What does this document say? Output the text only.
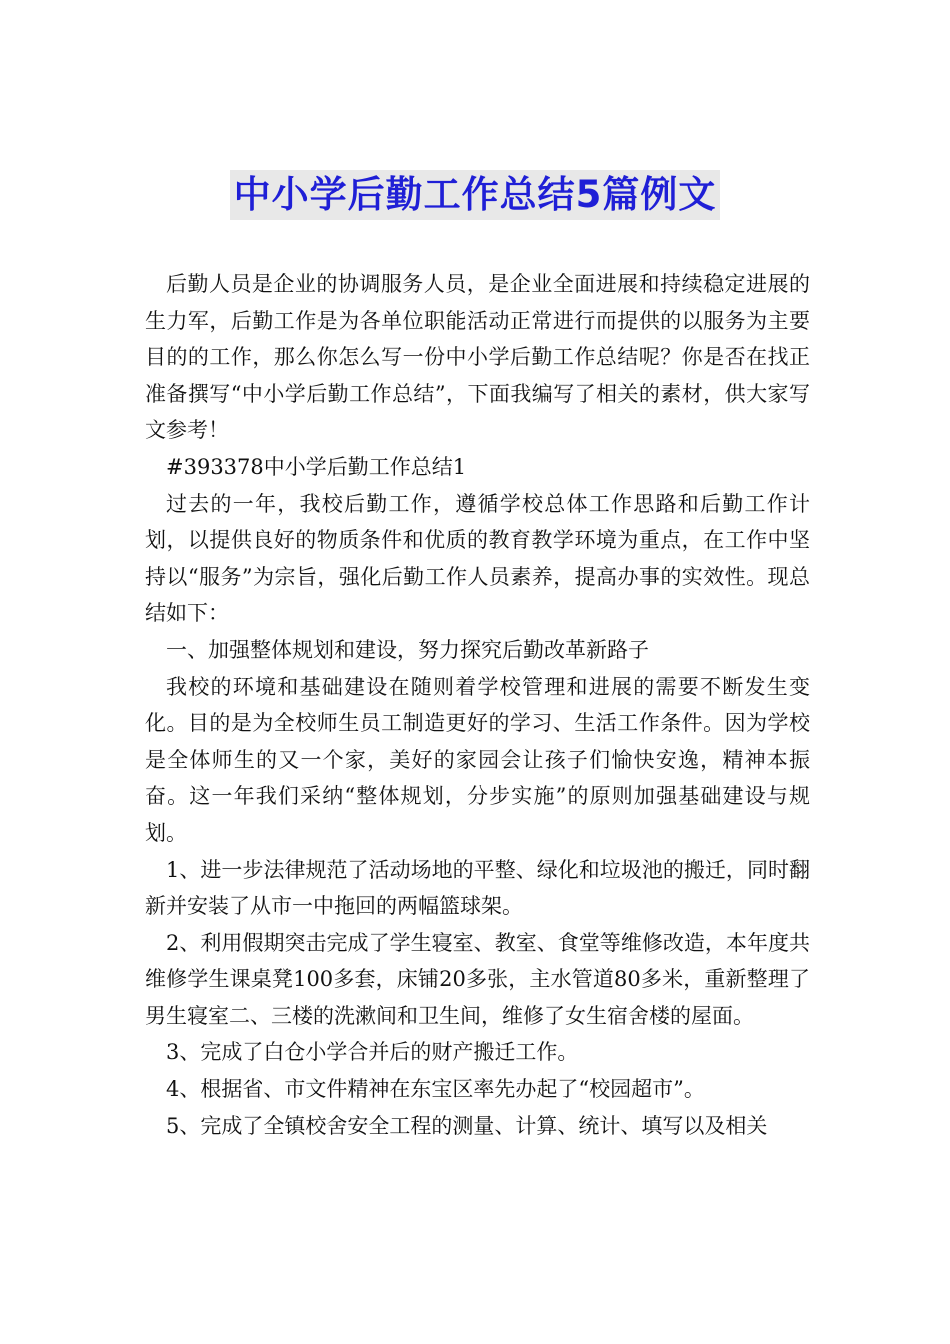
中小学后勤工作总结5篇例文

后勤人员是企业的协调服务人员，是企业全面进展和持续稳定进展的生力军，后勤工作是为各单位职能活动正常进行而提供的以服务为主要目的的工作，那么你怎么写一份中小学后勤工作总结呢？你是否在找正准备撰写“中小学后勤工作总结”，下面我编写了相关的素材，供大家写文参考！

#393378中小学后勤工作总结1

过去的一年，我校后勤工作，遵循学校总体工作思路和后勤工作计划，以提供良好的物质条件和优质的教育教学环境为重点，在工作中坚持以“服务”为宗旨，强化后勤工作人员素养，提高办事的实效性。现总结如下：

一、加强整体规划和建设，努力探究后勤改革新路子

我校的环境和基础建设在随则着学校管理和进展的需要不断发生变化。目的是为全校师生员工制造更好的学习、生活工作条件。因为学校是全体师生的又一个家，美好的家园会让孩子们愉快安逸，精神本振奋。这一年我们采纳“整体规划，分步实施”的原则加强基础建设与规划。

1、进一步法律规范了活动场地的平整、绿化和垃圾池的搬迁，同时翻新并安装了从市一中拖回的两幅篮球架。

2、利用假期突击完成了学生寝室、教室、食堂等维修改造，本年度共维修学生课桌凳100多套，床铺20多张，主水管道80多米，重新整理了男生寝室二、三楼的洗漱间和卫生间，维修了女生宿舍楼的屋面。

3、完成了白仓小学合并后的财产搬迁工作。

4、根据省、市文件精神在东宝区率先办起了“校园超市”。

5、完成了全镇校舍安全工程的测量、计算、统计、填写以及相关
